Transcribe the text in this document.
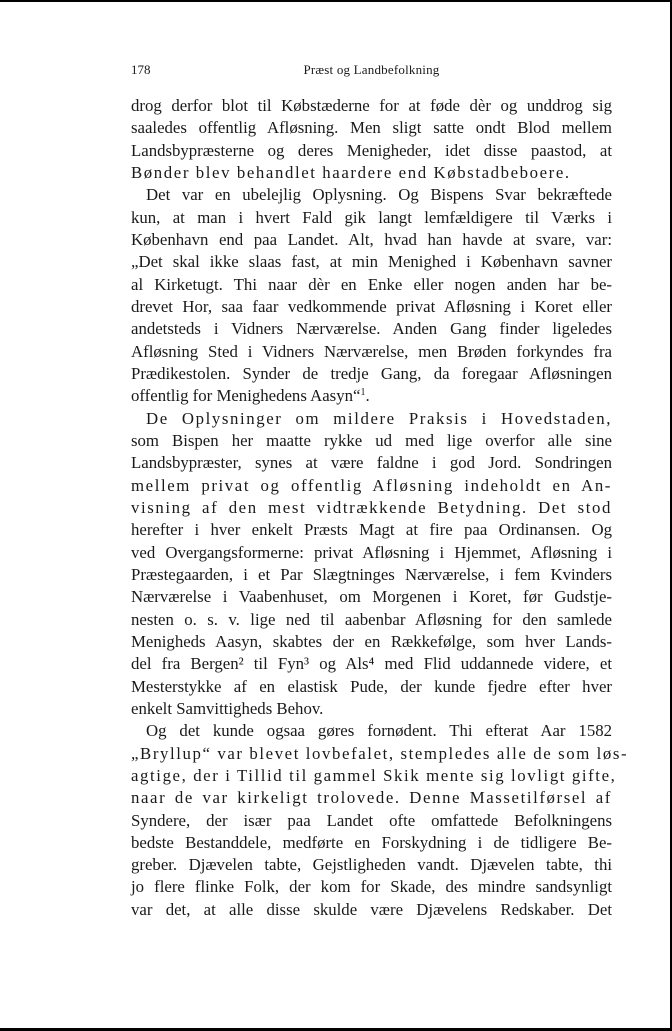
178	Præst og Landbefolkning
drog derfor blot til Købstæderne for at føde dèr og unddrog sig
saaledes offentlig Afløsning. Men sligt satte ondt Blod mellem
Landsbypræsterne og deres Menigheder, idet disse paastod, at
Bønder blev behandlet haardere end Købstadbeboere.
Det var en ubelejlig Oplysning. Og Bispens Svar bekræftede
kun, at man i hvert Fald gik langt lemfældigere til Værks i
København end paa Landet. Alt, hvad han havde at svare, var:
„Det skal ikke slaas fast, at min Menighed i København savner
al Kirketugt. Thi naar dèr en Enke eller nogen anden har be-
drevet Hor, saa faar vedkommende privat Afløsning i Koret eller
andetsteds i Vidners Nærværelse. Anden Gang finder ligeledes
Afløsning Sted i Vidners Nærværelse, men Brøden forkyndes fra
Prædikestolen. Synder de tredje Gang, da foregaar Afløsningen
offentlig for Menighedens Aasyn“$^1$.
De Oplysninger om mildere Praksis i Hovedstaden,
som Bispen her maatte rykke ud med lige overfor alle sine
Landsbypræster, synes at være faldne i god Jord. Sondringen
mellem privat og offentlig Afløsning indeholdt en An-
visning af den mest vidtrækkende Betydning. Det stod
herefter i hver enkelt Præsts Magt at fire paa Ordinansen. Og
ved Overgangsformerne: privat Afløsning i Hjemmet, Afløsning i
Præstegaarden, i et Par Slægtninges Nærværelse, i fem Kvinders
Nærværelse i Vaabenhuset, om Morgenen i Koret, før Gudstje-
nesten o. s. v. lige ned til aabenbar Afløsning for den samlede
Menigheds Aasyn, skabtes der en Rækkefølge, som hver Lands-
del fra Bergen² til Fyn³ og Als⁴ med Flid uddannede videre, et
Mesterstykke af en elastisk Pude, der kunde fjedre efter hver
enkelt Samvittigheds Behov.
Og det kunde ogsaa gøres fornødent. Thi efterat Aar 1582
„Bryllup“ var blevet lovbefalet, stempledes alle de som løs-
agtige, der i Tillid til gammel Skik mente sig lovligt gifte,
naar de var kirkeligt trolovede. Denne Massetilførsel af
Syndere, der især paa Landet ofte omfattede Befolkningens
bedste Bestanddele, medførte en Forskydning i de tidligere Be-
greber. Djævelen tabte, Gejstligheden vandt. Djævelen tabte, thi
jo flere flinke Folk, der kom for Skade, des mindre sandsynligt
var det, at alle disse skulde være Djævelens Redskaber. Det
